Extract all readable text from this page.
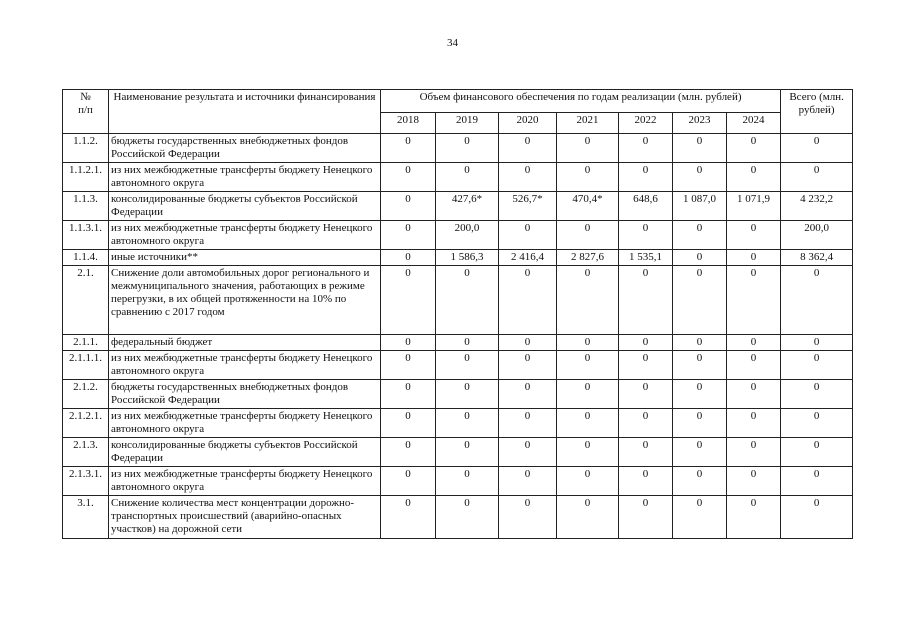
34
№
п/п	Наименование результата и источники финансирования	Объем финансового обеспечения по годам реализации (млн. рублей)							Всего (млн. рублей)
		2018	2019	2020	2021	2022	2023	2024	
1.1.2.	бюджеты государственных внебюджетных фондов Российской Федерации	0	0	0	0	0	0	0	0
1.1.2.1.	из них межбюджетные трансферты бюджету Ненецкого автономного округа	0	0	0	0	0	0	0	0
1.1.3.	консолидированные бюджеты субъектов Российской Федерации	0	427,6*	526,7*	470,4*	648,6	1 087,0	1 071,9	4 232,2
1.1.3.1.	из них межбюджетные трансферты бюджету Ненецкого автономного округа	0	200,0	0	0	0	0	0	200,0
1.1.4.	иные источники**	0	1 586,3	2 416,4	2 827,6	1 535,1	0	0	8 362,4
2.1.	Снижение доли автомобильных дорог регионального и межмуниципального значения, работающих в режиме перегрузки, в их общей протяженности на 10% по сравнению с 2017 годом	0	0	0	0	0	0	0	0
2.1.1.	федеральный бюджет	0	0	0	0	0	0	0	0
2.1.1.1.	из них межбюджетные трансферты бюджету Ненецкого автономного округа	0	0	0	0	0	0	0	0
2.1.2.	бюджеты государственных внебюджетных фондов Российской Федерации	0	0	0	0	0	0	0	0
2.1.2.1.	из них межбюджетные трансферты бюджету Ненецкого автономного округа	0	0	0	0	0	0	0	0
2.1.3.	консолидированные бюджеты субъектов Российской Федерации	0	0	0	0	0	0	0	0
2.1.3.1.	из них межбюджетные трансферты бюджету Ненецкого автономного округа	0	0	0	0	0	0	0	0
3.1.	Снижение количества мест концентрации дорожно-транспортных происшествий (аварийно-опасных участков) на дорожной сети	0	0	0	0	0	0	0	0
